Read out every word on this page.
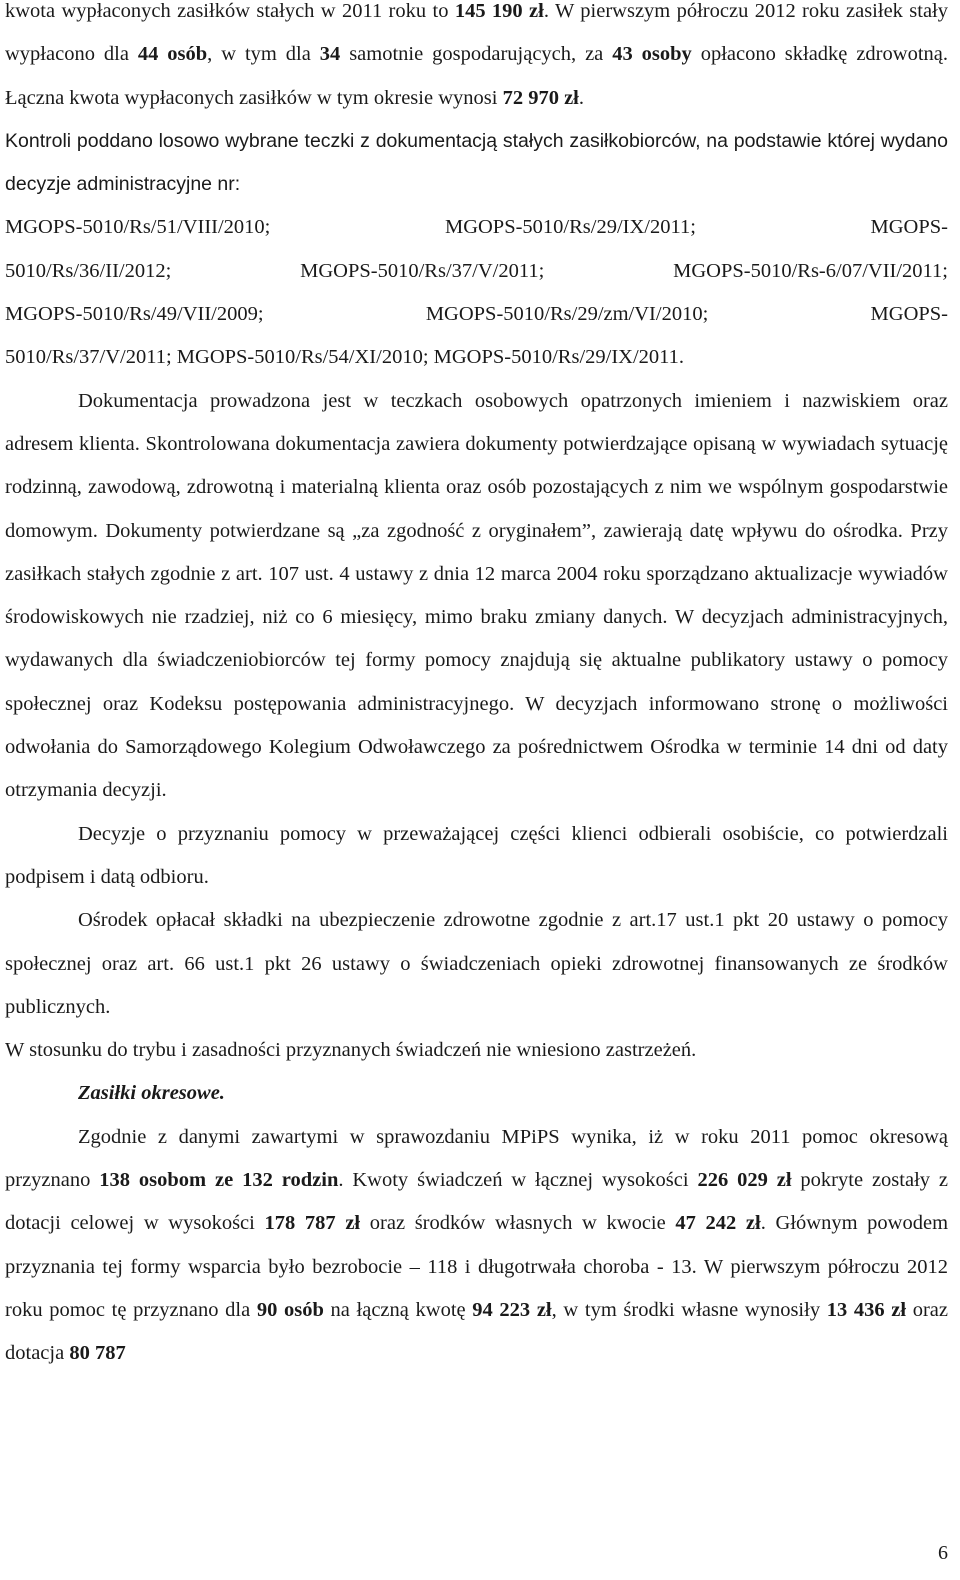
kwota wypłaconych zasiłków stałych w 2011 roku to 145 190 zł. W pierwszym półroczu 2012 roku zasiłek stały wypłacono dla 44 osób, w tym dla 34 samotnie gospodarujących, za 43 osoby opłacono składkę zdrowotną. Łączna kwota wypłaconych zasiłków w tym okresie wynosi 72 970 zł.

Kontroli poddano losowo wybrane teczki z dokumentacją stałych zasiłkobiorców, na podstawie której wydano decyzje administracyjne nr:

MGOPS-5010/Rs/51/VIII/2010;	MGOPS-5010/Rs/29/IX/2011;	MGOPS-
5010/Rs/36/II/2012;	MGOPS-5010/Rs/37/V/2011;	MGOPS-5010/Rs-6/07/VII/2011;
MGOPS-5010/Rs/49/VII/2009;	MGOPS-5010/Rs/29/zm/VI/2010;	MGOPS-
5010/Rs/37/V/2011; MGOPS-5010/Rs/54/XI/2010; MGOPS-5010/Rs/29/IX/2011.

Dokumentacja prowadzona jest w teczkach osobowych opatrzonych imieniem i nazwiskiem oraz adresem klienta. Skontrolowana dokumentacja zawiera dokumenty potwierdzające opisaną w wywiadach sytuację rodzinną, zawodową, zdrowotną i materialną klienta oraz osób pozostających z nim we wspólnym gospodarstwie domowym. Dokumenty potwierdzane są „za zgodność z oryginałem”, zawierają datę wpływu do ośrodka. Przy zasiłkach stałych zgodnie z art. 107 ust. 4 ustawy z dnia 12 marca 2004 roku sporządzano aktualizacje wywiadów środowiskowych nie rzadziej, niż co 6 miesięcy, mimo braku zmiany danych. W decyzjach administracyjnych, wydawanych dla świadczeniobiorców tej formy pomocy znajdują się aktualne publikatory ustawy o pomocy społecznej oraz Kodeksu postępowania administracyjnego. W decyzjach informowano stronę o możliwości odwołania do Samorządowego Kolegium Odwoławczego za pośrednictwem Ośrodka w terminie 14 dni od daty otrzymania decyzji.

Decyzje o przyznaniu pomocy w przeważającej części klienci odbierali osobiście, co potwierdzali podpisem i datą odbioru.

Ośrodek opłacał składki na ubezpieczenie zdrowotne zgodnie z art.17 ust.1 pkt 20 ustawy o pomocy społecznej oraz art. 66 ust.1 pkt 26 ustawy o świadczeniach opieki zdrowotnej finansowanych ze środków publicznych.

W stosunku do trybu i zasadności przyznanych świadczeń nie wniesiono zastrzeżeń.

Zasiłki okresowe.

Zgodnie z danymi zawartymi w sprawozdaniu MPiPS wynika, iż w roku 2011 pomoc okresową przyznano 138 osobom ze 132 rodzin. Kwoty świadczeń w łącznej wysokości 226 029 zł pokryte zostały z dotacji celowej w wysokości 178 787 zł oraz środków własnych w kwocie 47 242 zł. Głównym powodem przyznania tej formy wsparcia było bezrobocie – 118 i długotrwała choroba - 13. W pierwszym półroczu 2012 roku pomoc tę przyznano dla 90 osób na łączną kwotę 94 223 zł, w tym środki własne wynosiły 13 436 zł oraz dotacja 80 787

6
